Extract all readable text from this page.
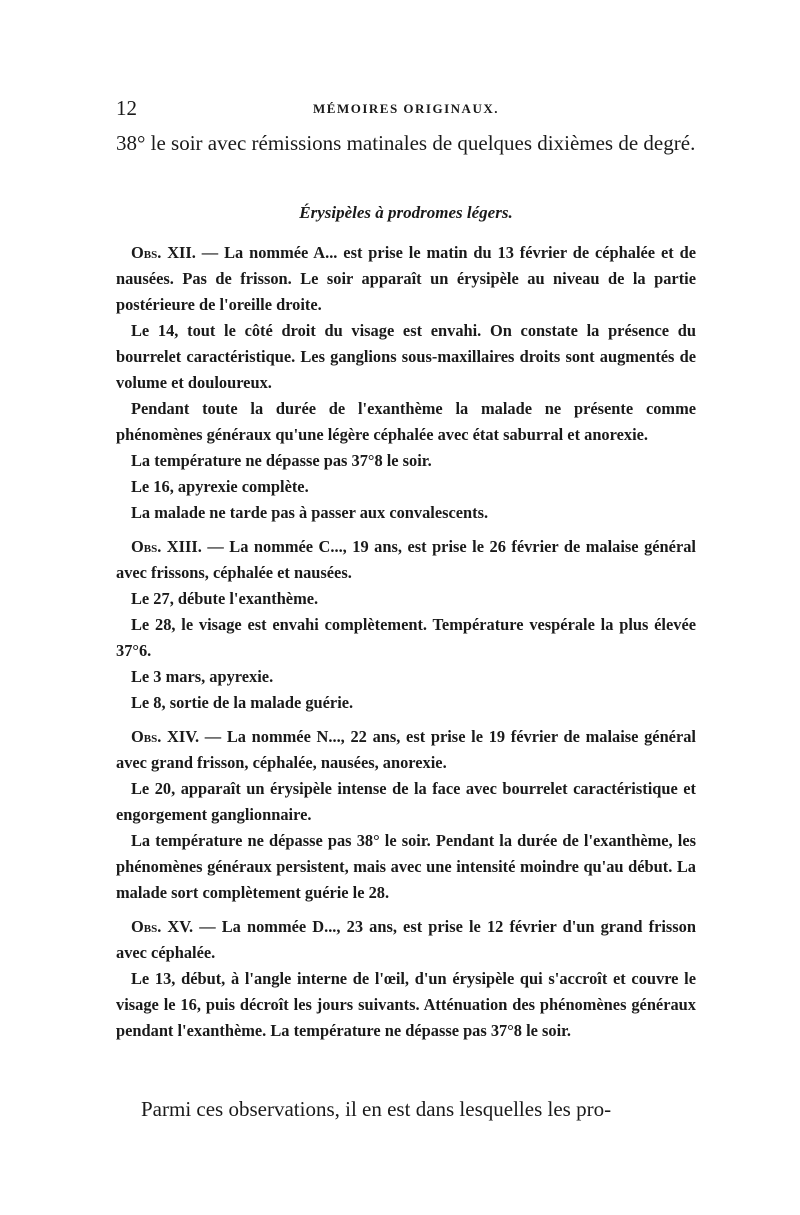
12	MÉMOIRES ORIGINAUX.

38° le soir avec rémissions matinales de quelques dixièmes de degré.

Érysipèles à prodromes légers.

Obs. XII. — La nommée A... est prise le matin du 13 février de céphalée et de nausées. Pas de frisson. Le soir apparaît un érysipèle au niveau de la partie postérieure de l'oreille droite.

Le 14, tout le côté droit du visage est envahi. On constate la présence du bourrelet caractéristique. Les ganglions sous-maxillaires droits sont augmentés de volume et douloureux.

Pendant toute la durée de l'exanthème la malade ne présente comme phénomènes généraux qu'une légère céphalée avec état saburral et anorexie.

La température ne dépasse pas 37°8 le soir.

Le 16, apyrexie complète.

La malade ne tarde pas à passer aux convalescents.

Obs. XIII. — La nommée C..., 19 ans, est prise le 26 février de malaise général avec frissons, céphalée et nausées.

Le 27, débute l'exanthème.

Le 28, le visage est envahi complètement. Température vespérale la plus élevée 37°6.

Le 3 mars, apyrexie.

Le 8, sortie de la malade guérie.

Obs. XIV. — La nommée N..., 22 ans, est prise le 19 février de malaise général avec grand frisson, céphalée, nausées, anorexie.

Le 20, apparaît un érysipèle intense de la face avec bourrelet caractéristique et engorgement ganglionnaire.

La température ne dépasse pas 38° le soir. Pendant la durée de l'exanthème, les phénomènes généraux persistent, mais avec une intensité moindre qu'au début. La malade sort complètement guérie le 28.

Obs. XV. — La nommée D..., 23 ans, est prise le 12 février d'un grand frisson avec céphalée.

Le 13, début, à l'angle interne de l'œil, d'un érysipèle qui s'accroît et couvre le visage le 16, puis décroît les jours suivants. Atténuation des phénomènes généraux pendant l'exanthème. La température ne dépasse pas 37°8 le soir.

Parmi ces observations, il en est dans lesquelles les pro-
